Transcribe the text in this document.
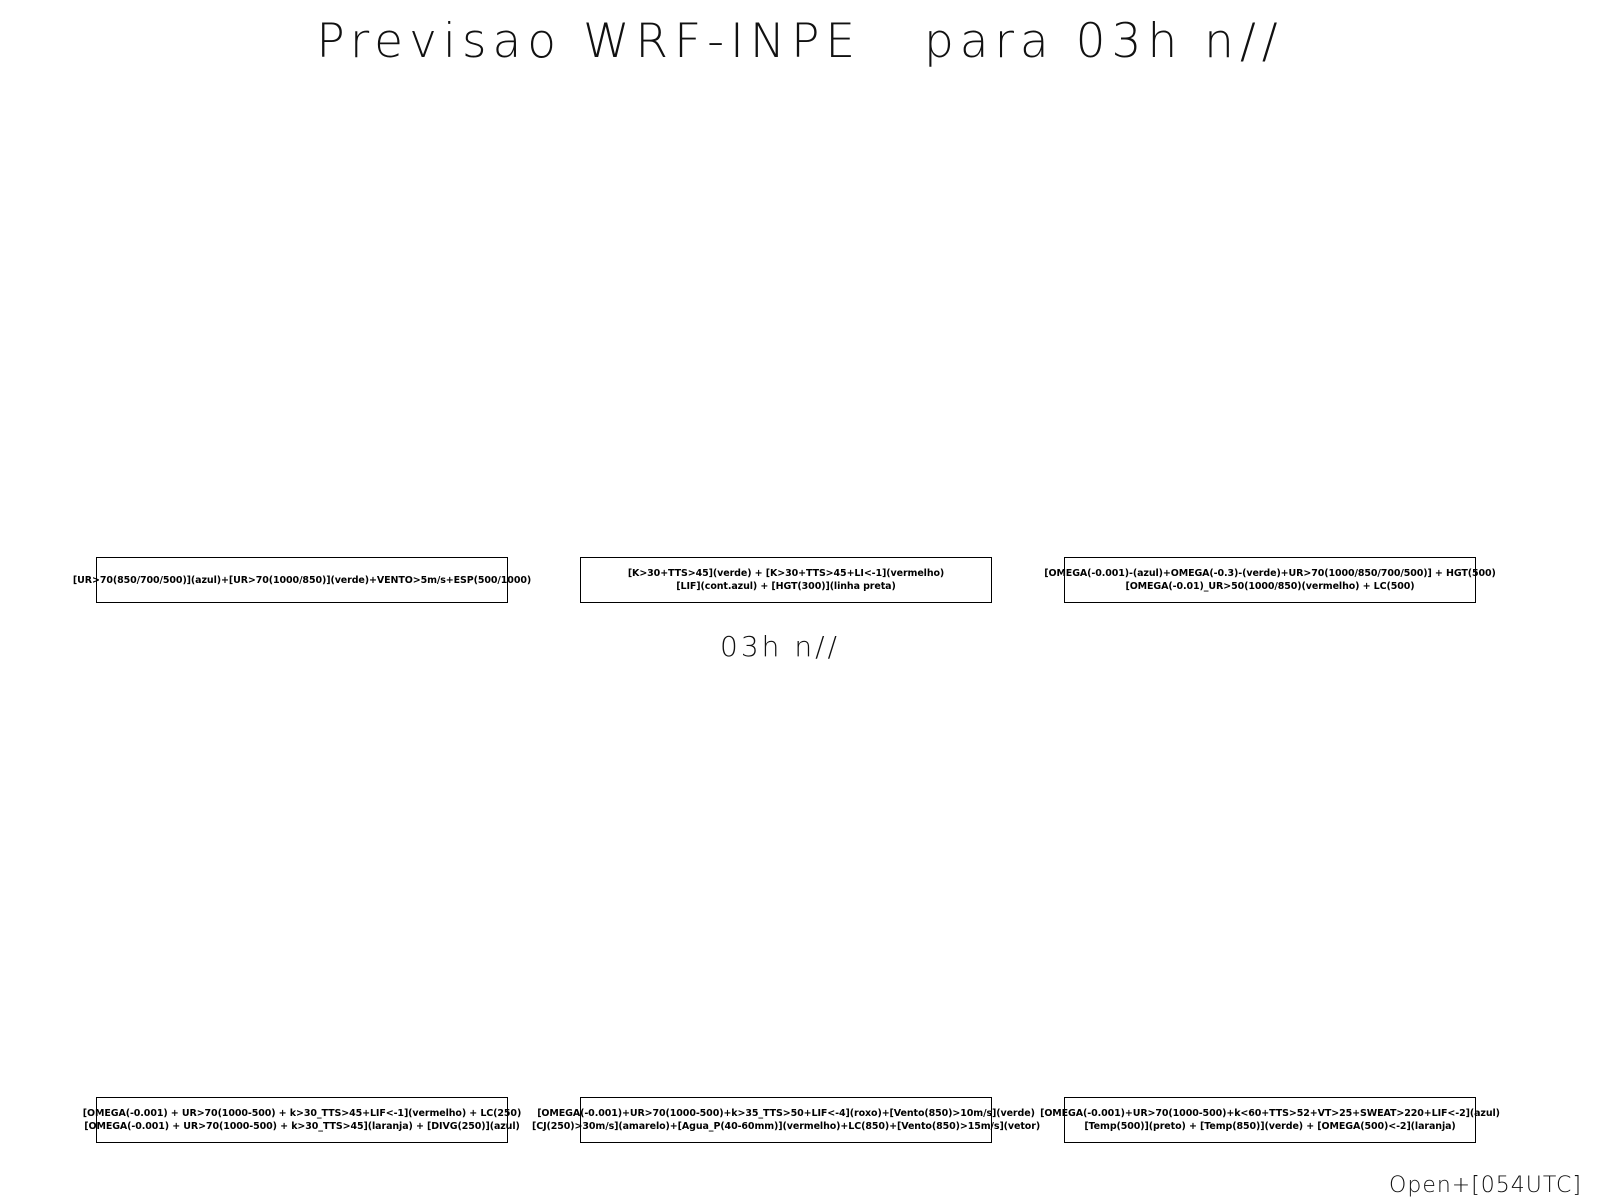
Previsao WRF-INPE   para 03h n//
[UR>70(850/700/500)](azul)+[UR>70(1000/850)](verde)+VENTO>5m/s+ESP(500/1000)
[K>30+TTS>45](verde) + [K>30+TTS>45+LI<-1](vermelho)
[LIF](cont.azul) + [HGT(300)](linha preta)
[OMEGA(-0.001)-(azul)+OMEGA(-0.3)-(verde)+UR>70(1000/850/700/500)] + HGT(500)
[OMEGA(-0.01)_UR>50(1000/850)(vermelho) + LC(500)
03h n//
[OMEGA(-0.001) + UR>70(1000-500) + k>30_TTS>45+LIF<-1](vermelho) + LC(250)
[OMEGA(-0.001) + UR>70(1000-500) + k>30_TTS>45](laranja) + [DIVG(250)](azul)
[OMEGA(-0.001)+UR>70(1000-500)+k>35_TTS>50+LIF<-4](roxo)+[Vento(850)>10m/s](verde)
[CJ(250)>30m/s](amarelo)+[Agua_P(40-60mm)](vermelho)+LC(850)+[Vento(850)>15m/s](vetor)
[OMEGA(-0.001)+UR>70(1000-500)+k<60+TTS>52+VT>25+SWEAT>220+LIF<-2](azul)
[Temp(500)](preto) + [Temp(850)](verde) + [OMEGA(500)<-2](laranja)
Open+[054UTC]
